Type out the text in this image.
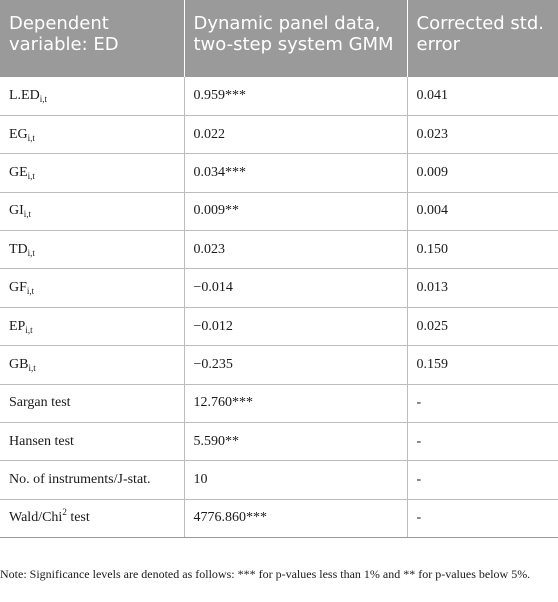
Dependent variable: ED	Dynamic panel data, two-step system GMM	Corrected std. error
$L.ED_{i,t}$	0.959***	0.041
$EG_{i,t}$	0.022	0.023
$GE_{i,t}$	0.034***	0.009
$GI_{i,t}$	0.009**	0.004
$TD_{i,t}$	0.023	0.150
$GF_{i,t}$	−0.014	0.013
$EP_{i,t}$	−0.012	0.025
$GB_{i,t}$	−0.235	0.159
Sargan test	12.760***	-
Hansen test	5.590**	-
No. of instruments/J-stat.	10	-
Wald/Chi$^2$ test	4776.860***	-
Note: Significance levels are denoted as follows: *** for p-values less than 1% and ** for p-values below 5%.
